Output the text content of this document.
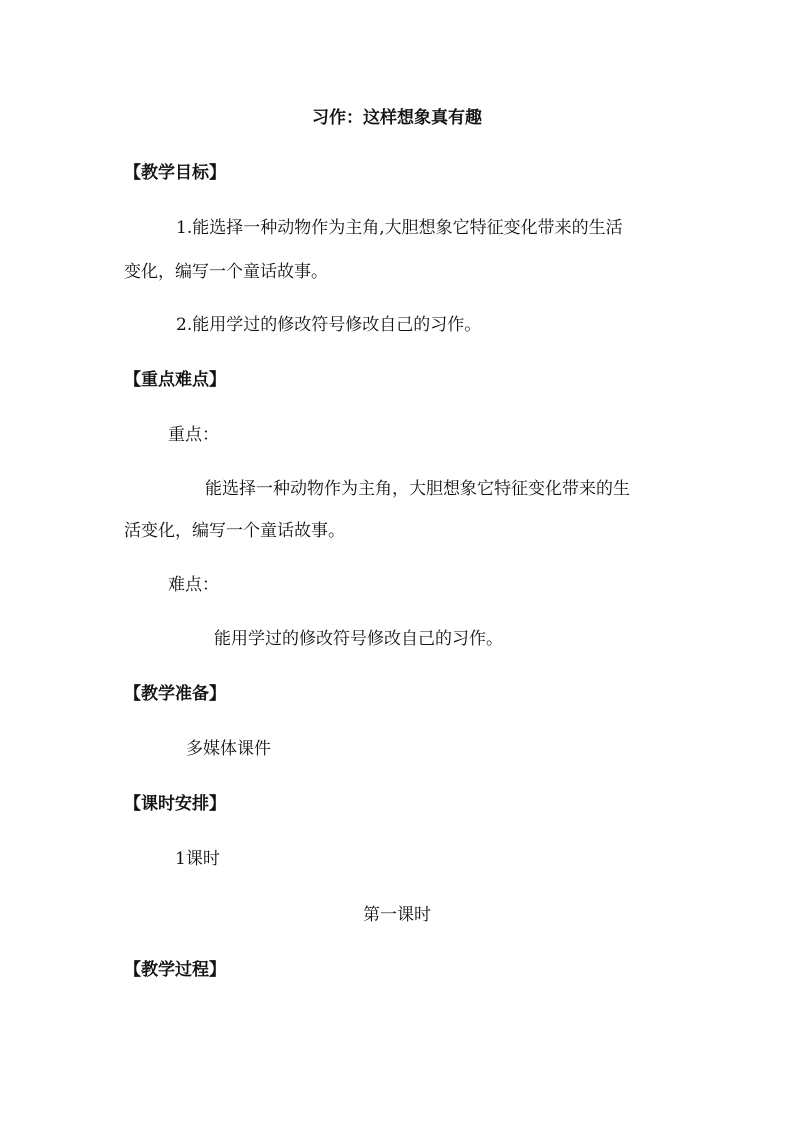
习作：这样想象真有趣
【教学目标】
1.能选择一种动物作为主角,大胆想象它特征变化带来的生活
变化，编写一个童话故事。
2.能用学过的修改符号修改自己的习作。
【重点难点】
重点：
能选择一种动物作为主角，大胆想象它特征变化带来的生
活变化，编写一个童话故事。
难点：
能用学过的修改符号修改自己的习作。
【教学准备】
多媒体课件
【课时安排】
1课时
第一课时
【教学过程】
